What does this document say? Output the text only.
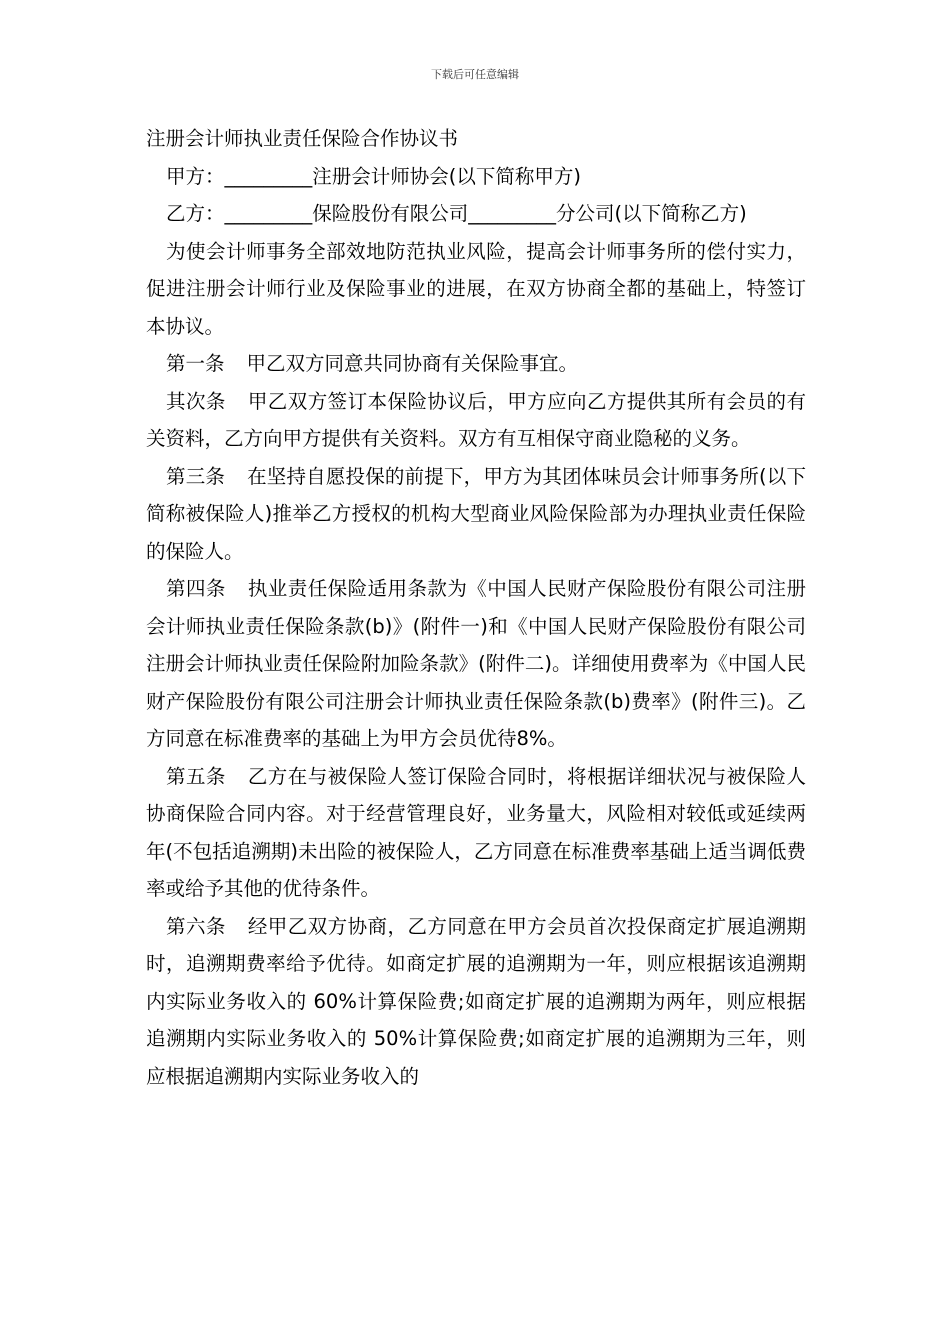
下载后可任意编辑

注册会计师执业责任保险合作协议书

甲方：_________注册会计师协会(以下简称甲方)

乙方：_________保险股份有限公司_________分公司(以下简称乙方)

为使会计师事务全部效地防范执业风险，提高会计师事务所的偿付实力，促进注册会计师行业及保险事业的进展，在双方协商全都的基础上，特签订本协议。

第一条 甲乙双方同意共同协商有关保险事宜。

其次条 甲乙双方签订本保险协议后，甲方应向乙方提供其所有会员的有关资料，乙方向甲方提供有关资料。双方有互相保守商业隐秘的义务。

第三条 在坚持自愿投保的前提下，甲方为其团体味员会计师事务所(以下简称被保险人)推举乙方授权的机构大型商业风险保险部为办理执业责任保险的保险人。

第四条 执业责任保险适用条款为《中国人民财产保险股份有限公司注册会计师执业责任保险条款(b)》(附件一)和《中国人民财产保险股份有限公司注册会计师执业责任保险附加险条款》(附件二)。详细使用费率为《中国人民财产保险股份有限公司注册会计师执业责任保险条款(b)费率》(附件三)。乙方同意在标准费率的基础上为甲方会员优待8%。

第五条 乙方在与被保险人签订保险合同时，将根据详细状况与被保险人协商保险合同内容。对于经营管理良好，业务量大，风险相对较低或延续两年(不包括追溯期)未出险的被保险人，乙方同意在标准费率基础上适当调低费率或给予其他的优待条件。

第六条 经甲乙双方协商，乙方同意在甲方会员首次投保商定扩展追溯期时，追溯期费率给予优待。如商定扩展的追溯期为一年，则应根据该追溯期内实际业务收入的 60%计算保险费;如商定扩展的追溯期为两年，则应根据追溯期内实际业务收入的 50%计算保险费;如商定扩展的追溯期为三年，则应根据追溯期内实际业务收入的
